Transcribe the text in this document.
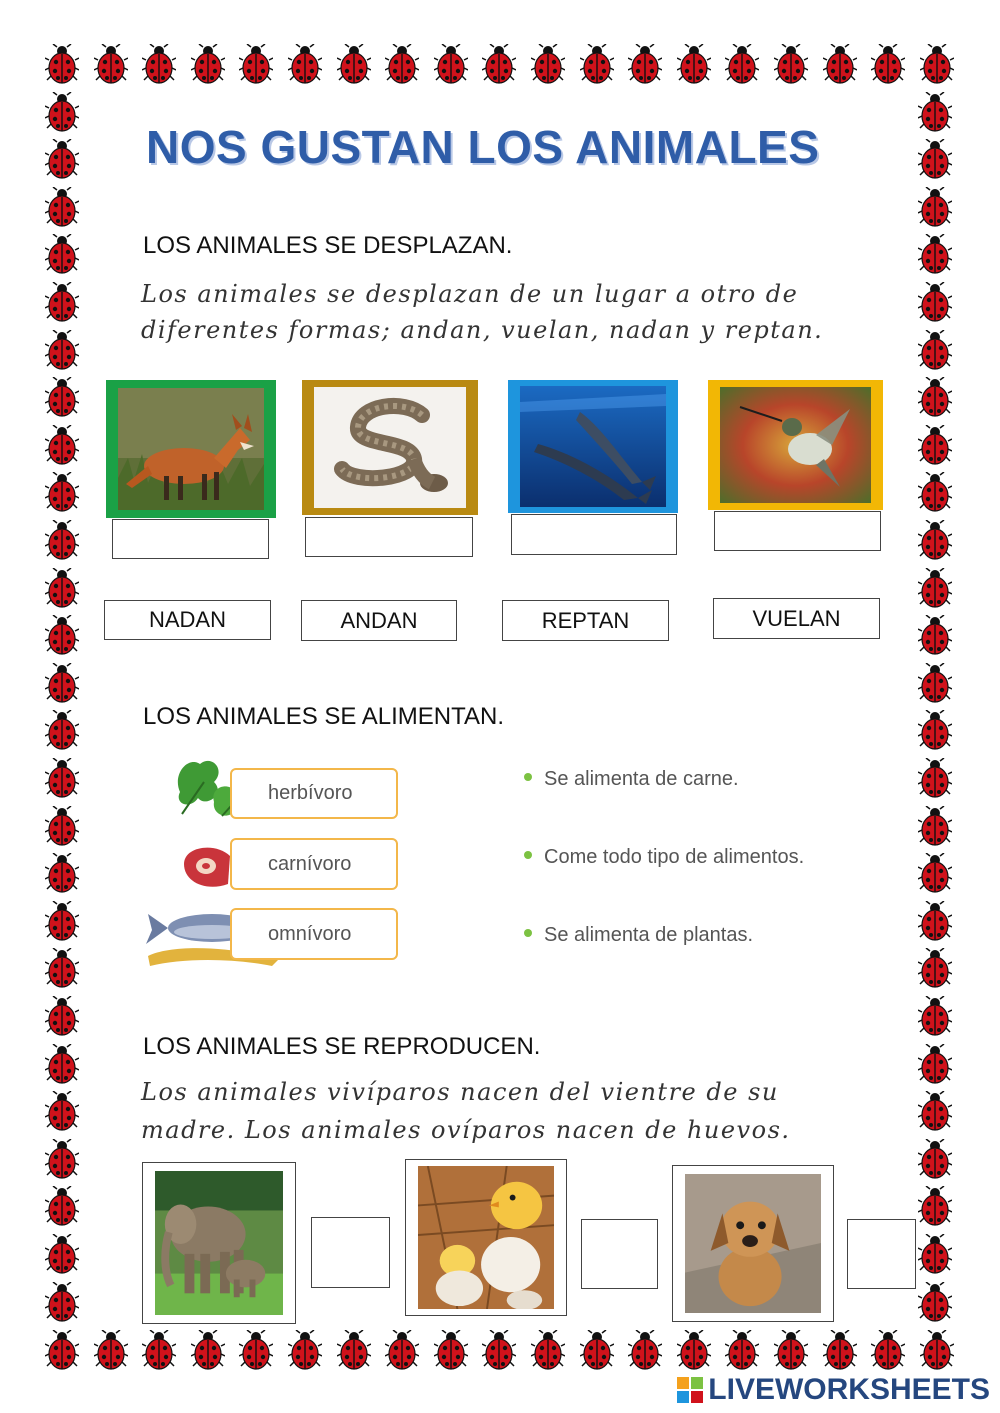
NOS GUSTAN LOS ANIMALES
LOS ANIMALES SE DESPLAZAN.
Los animales se desplazan de un lugar a otro de
diferentes formas; andan, vuelan, nadan y reptan.
NADAN	ANDAN	REPTAN	VUELAN
LOS ANIMALES SE ALIMENTAN.
herbívoro
carnívoro
omnívoro
Se alimenta de carne.
Come todo tipo de alimentos.
Se alimenta de plantas.
LOS ANIMALES SE REPRODUCEN.
Los animales vivíparos nacen del vientre de su
madre. Los animales ovíparos nacen de huevos.
LIVEWORKSHEETS
